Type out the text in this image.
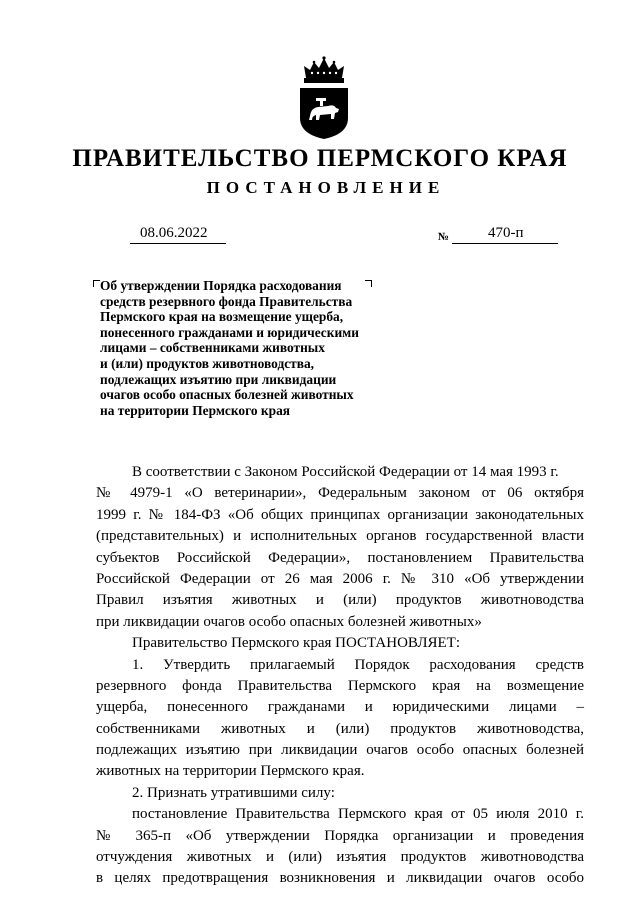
ПРАВИТЕЛЬСТВО ПЕРМСКОГО КРАЯ
ПОСТАНОВЛЕНИЕ
08.06.2022	№	470-п
Об утверждении Порядка расходования
средств резервного фонда Правительства
Пермского края на возмещение ущерба,
понесенного гражданами и юридическими
лицами – собственниками животных
и (или) продуктов животноводства,
подлежащих изъятию при ликвидации
очагов особо опасных болезней животных
на территории Пермского края
В соответствии с Законом Российской Федерации от 14 мая 1993 г.
№ 4979-1 «О ветеринарии», Федеральным законом от 06 октября
1999 г. № 184-ФЗ «Об общих принципах организации законодательных
(представительных) и исполнительных органов государственной власти
субъектов Российской Федерации», постановлением Правительства
Российской Федерации от 26 мая 2006 г. № 310 «Об утверждении
Правил изъятия животных и (или) продуктов животноводства
при ликвидации очагов особо опасных болезней животных»
Правительство Пермского края ПОСТАНОВЛЯЕТ:
1. Утвердить прилагаемый Порядок расходования средств
резервного фонда Правительства Пермского края на возмещение
ущерба, понесенного гражданами и юридическими лицами –
собственниками животных и (или) продуктов животноводства,
подлежащих изъятию при ликвидации очагов особо опасных болезней
животных на территории Пермского края.
2. Признать утратившими силу:
постановление Правительства Пермского края от 05 июля 2010 г.
№ 365-п «Об утверждении Порядка организации и проведения
отчуждения животных и (или) изъятия продуктов животноводства
в целях предотвращения возникновения и ликвидации очагов особо
